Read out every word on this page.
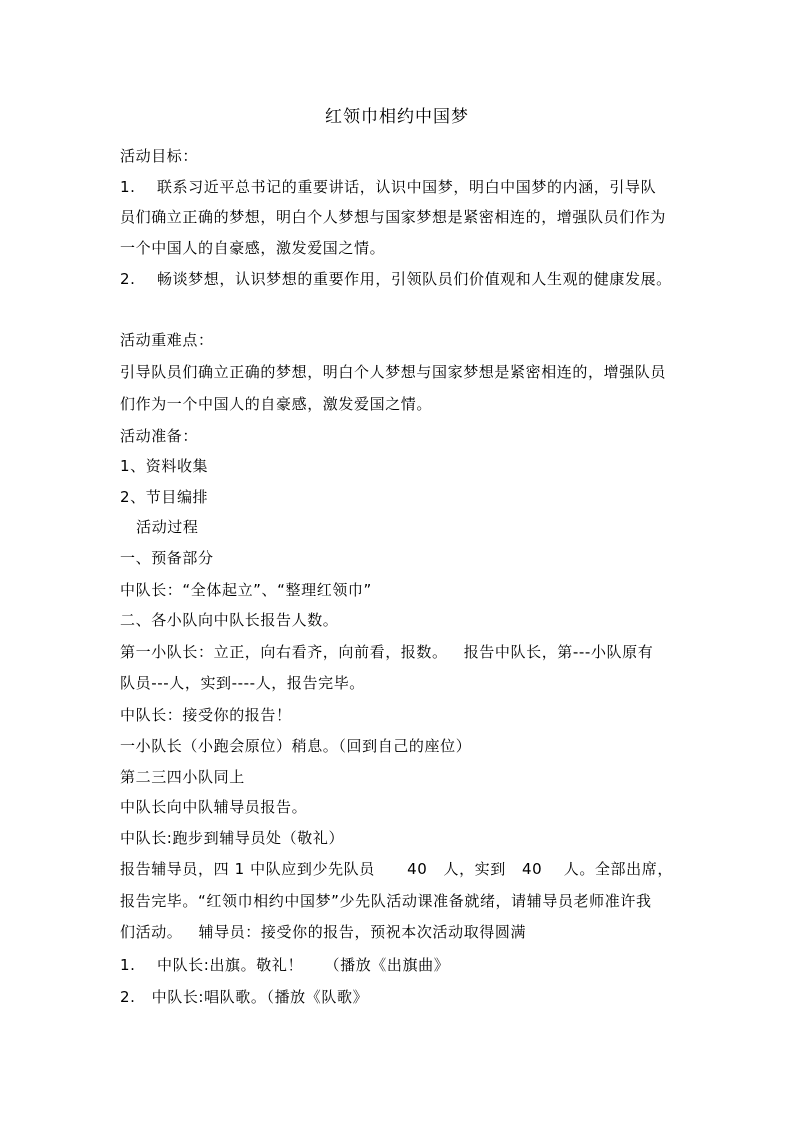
红领巾相约中国梦
活动目标：
1.    联系习近平总书记的重要讲话，认识中国梦，明白中国梦的内涵，引导队
员们确立正确的梦想，明白个人梦想与国家梦想是紧密相连的，增强队员们作为
一个中国人的自豪感，激发爱国之情。
2.    畅谈梦想，认识梦想的重要作用，引领队员们价值观和人生观的健康发展。
活动重难点：
引导队员们确立正确的梦想，明白个人梦想与国家梦想是紧密相连的，增强队员
们作为一个中国人的自豪感，激发爱国之情。
活动准备：
1、资料收集
2、节目编排
活动过程
一、预备部分
中队长：“全体起立”、“整理红领巾”
二、各小队向中队长报告人数。
第一小队长：立正，向右看齐，向前看，报数。   报告中队长，第---小队原有
队员---人，实到----人，报告完毕。
中队长：接受你的报告！
一小队长（小跑会原位）稍息。（回到自己的座位）
第二三四小队同上
中队长向中队辅导员报告。
中队长:跑步到辅导员处（敬礼）
报告辅导员，四 1 中队应到少先队员      40   人，实到   40    人。全部出席，
报告完毕。“红领巾相约中国梦”少先队活动课准备就绪，请辅导员老师准许我
们活动。   辅导员：接受你的报告，预祝本次活动取得圆满
1.    中队长:出旗。敬礼！    （播放《出旗曲》
2.   中队长:唱队歌。（播放《队歌》
